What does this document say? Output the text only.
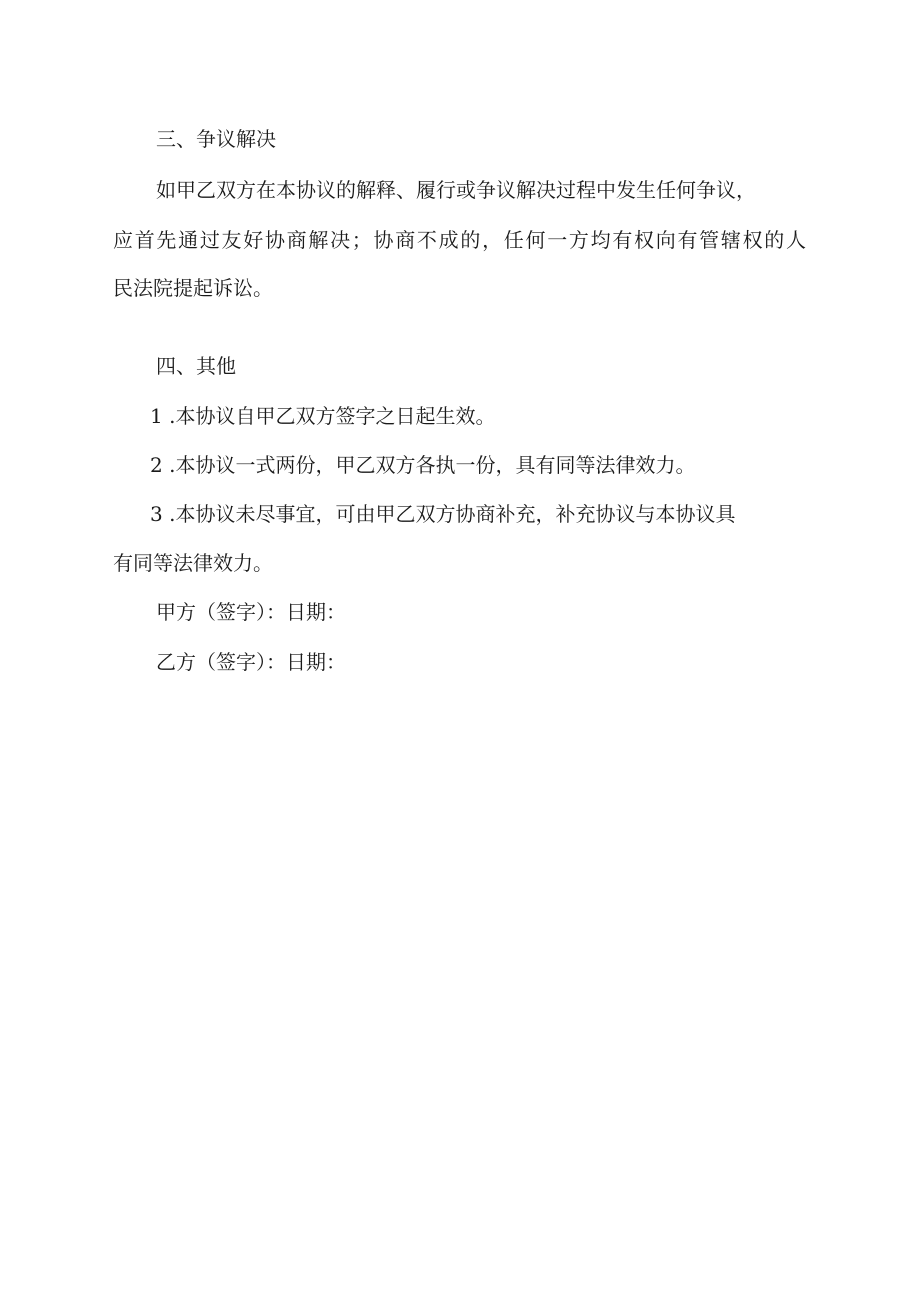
三、争议解决
如甲乙双方在本协议的解释、履行或争议解决过程中发生任何争议，
应首先通过友好协商解决；协商不成的，任何一方均有权向有管辖权的人
民法院提起诉讼。
四、其他
1 .本协议自甲乙双方签字之日起生效。
2 .本协议一式两份，甲乙双方各执一份，具有同等法律效力。
3 .本协议未尽事宜，可由甲乙双方协商补充，补充协议与本协议具
有同等法律效力。
甲方（签字）：日期：
乙方（签字）：日期：
